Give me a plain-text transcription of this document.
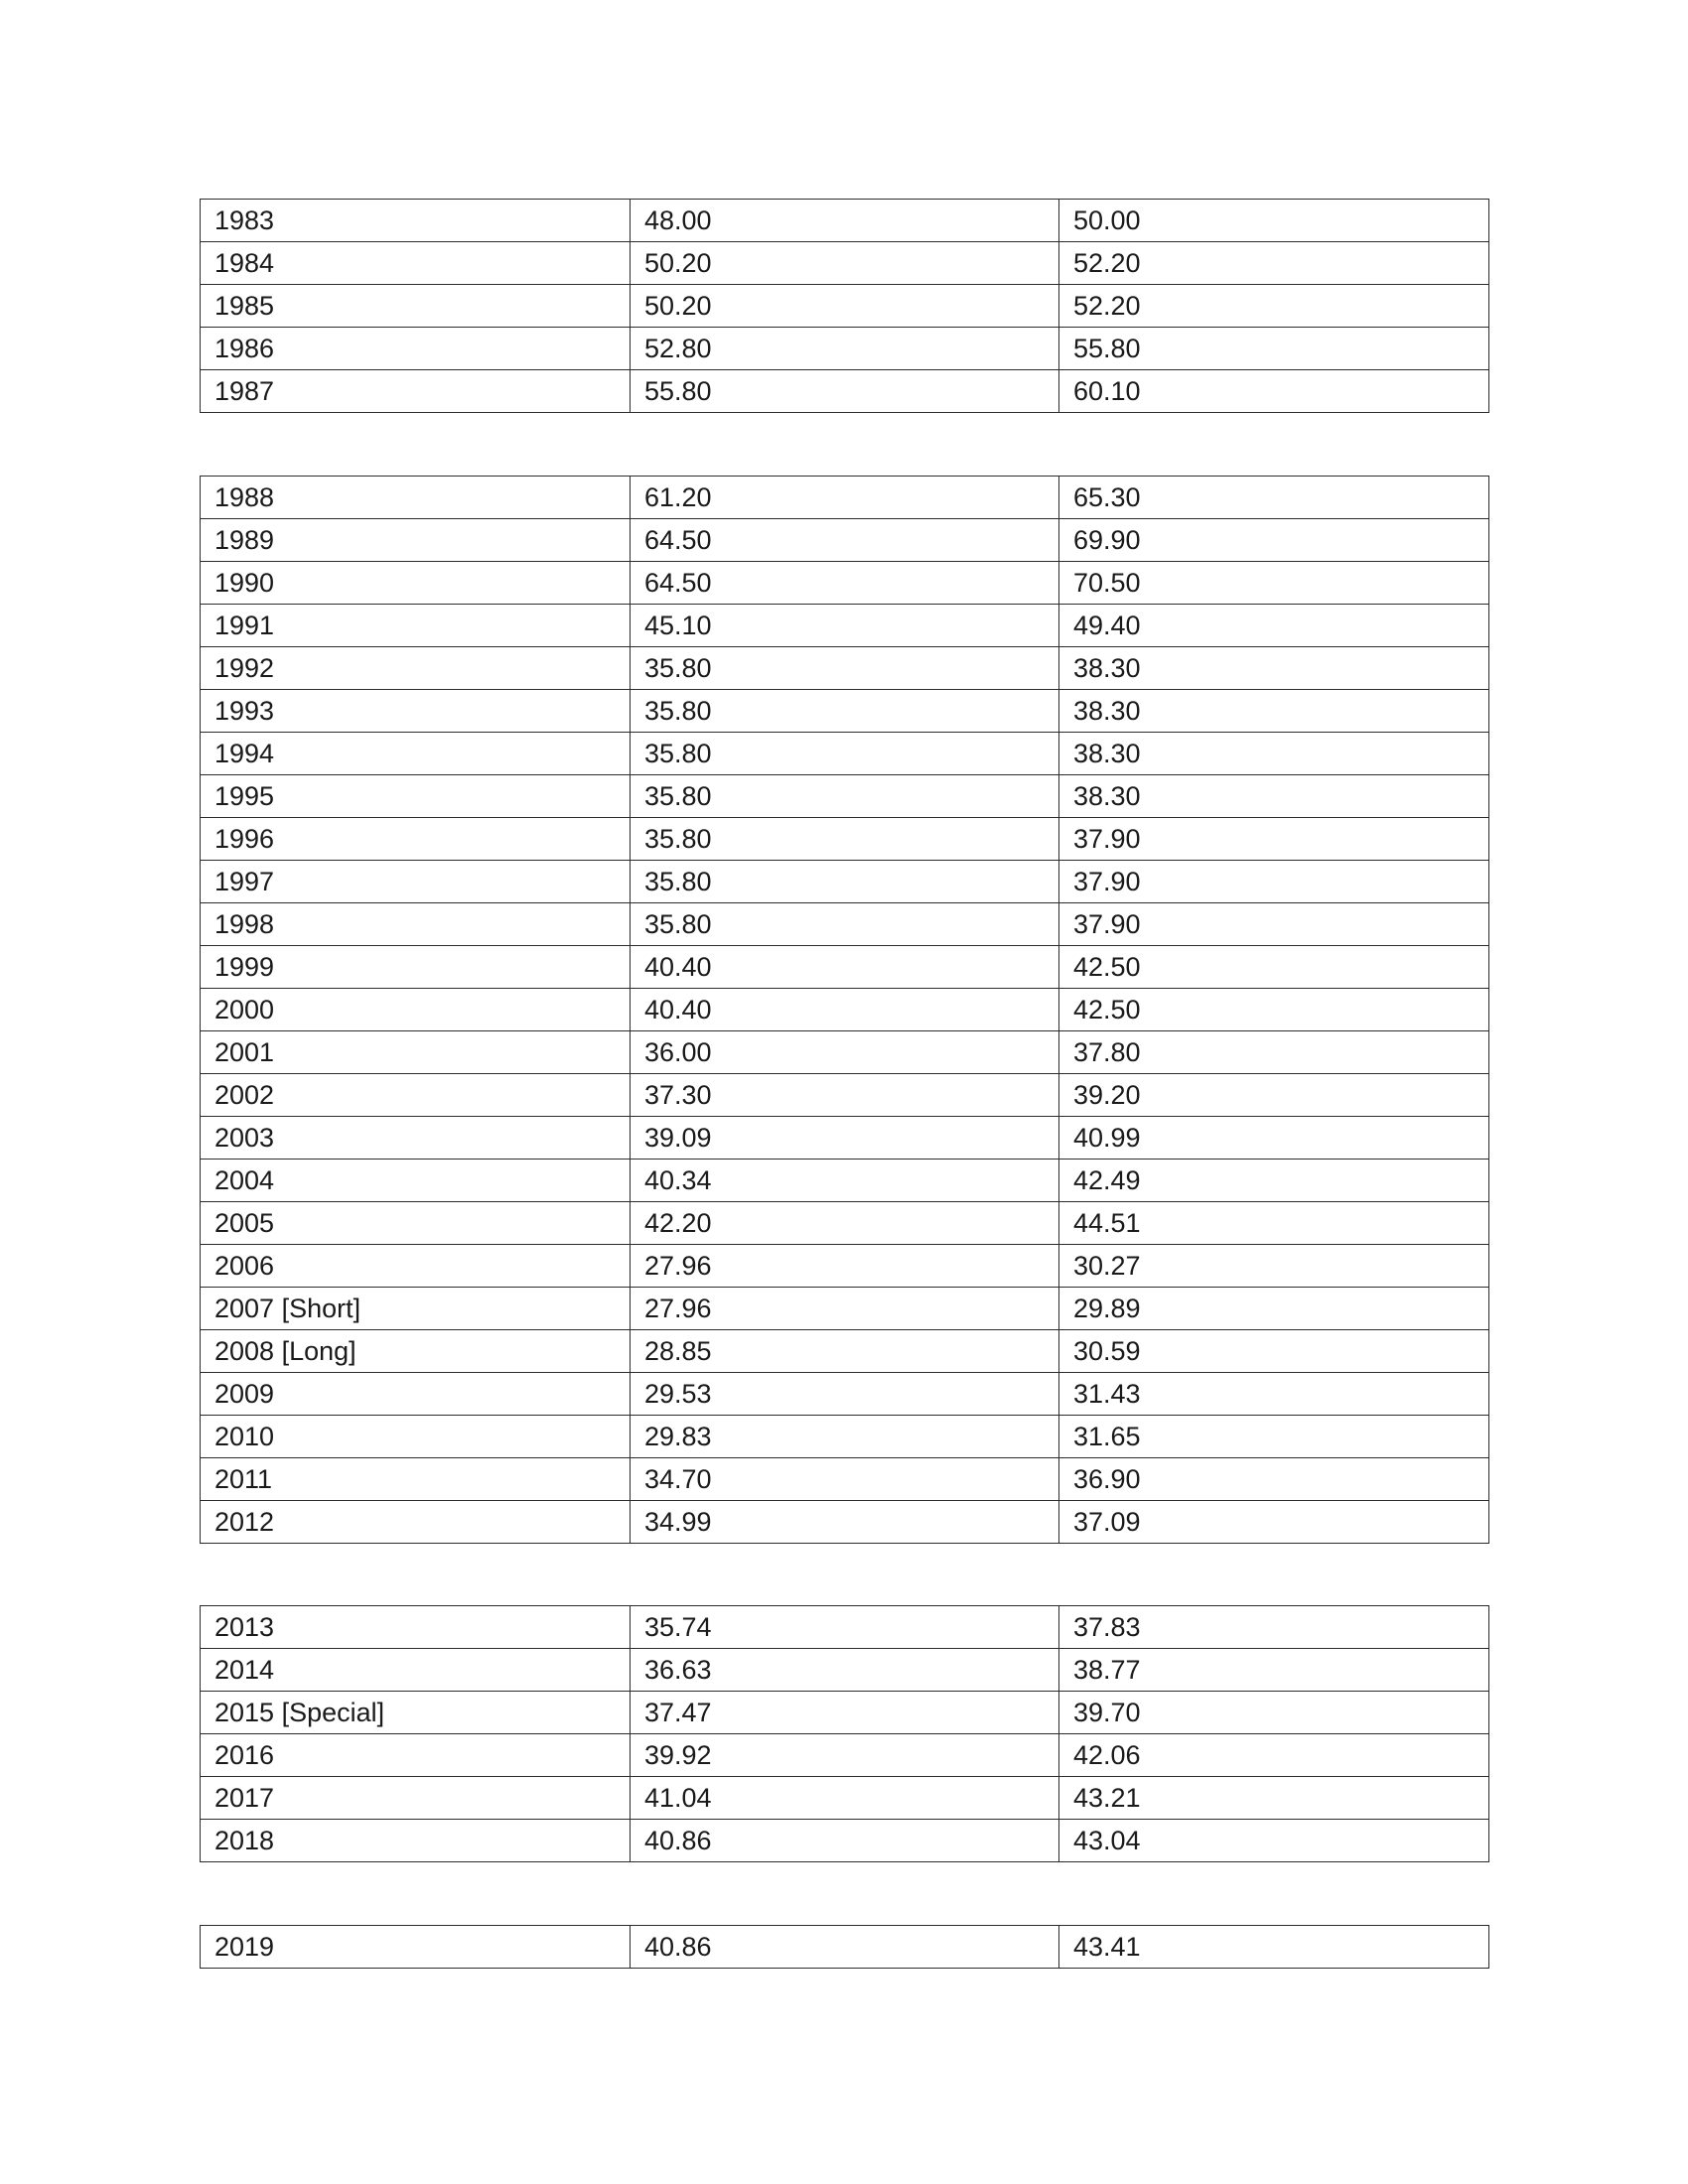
1983	48.00	50.00
1984	50.20	52.20
1985	50.20	52.20
1986	52.80	55.80
1987	55.80	60.10
1988	61.20	65.30
1989	64.50	69.90
1990	64.50	70.50
1991	45.10	49.40
1992	35.80	38.30
1993	35.80	38.30
1994	35.80	38.30
1995	35.80	38.30
1996	35.80	37.90
1997	35.80	37.90
1998	35.80	37.90
1999	40.40	42.50
2000	40.40	42.50
2001	36.00	37.80
2002	37.30	39.20
2003	39.09	40.99
2004	40.34	42.49
2005	42.20	44.51
2006	27.96	30.27
2007 [Short]	27.96	29.89
2008 [Long]	28.85	30.59
2009	29.53	31.43
2010	29.83	31.65
2011	34.70	36.90
2012	34.99	37.09
2013	35.74	37.83
2014	36.63	38.77
2015 [Special]	37.47	39.70
2016	39.92	42.06
2017	41.04	43.21
2018	40.86	43.04
2019	40.86	43.41
